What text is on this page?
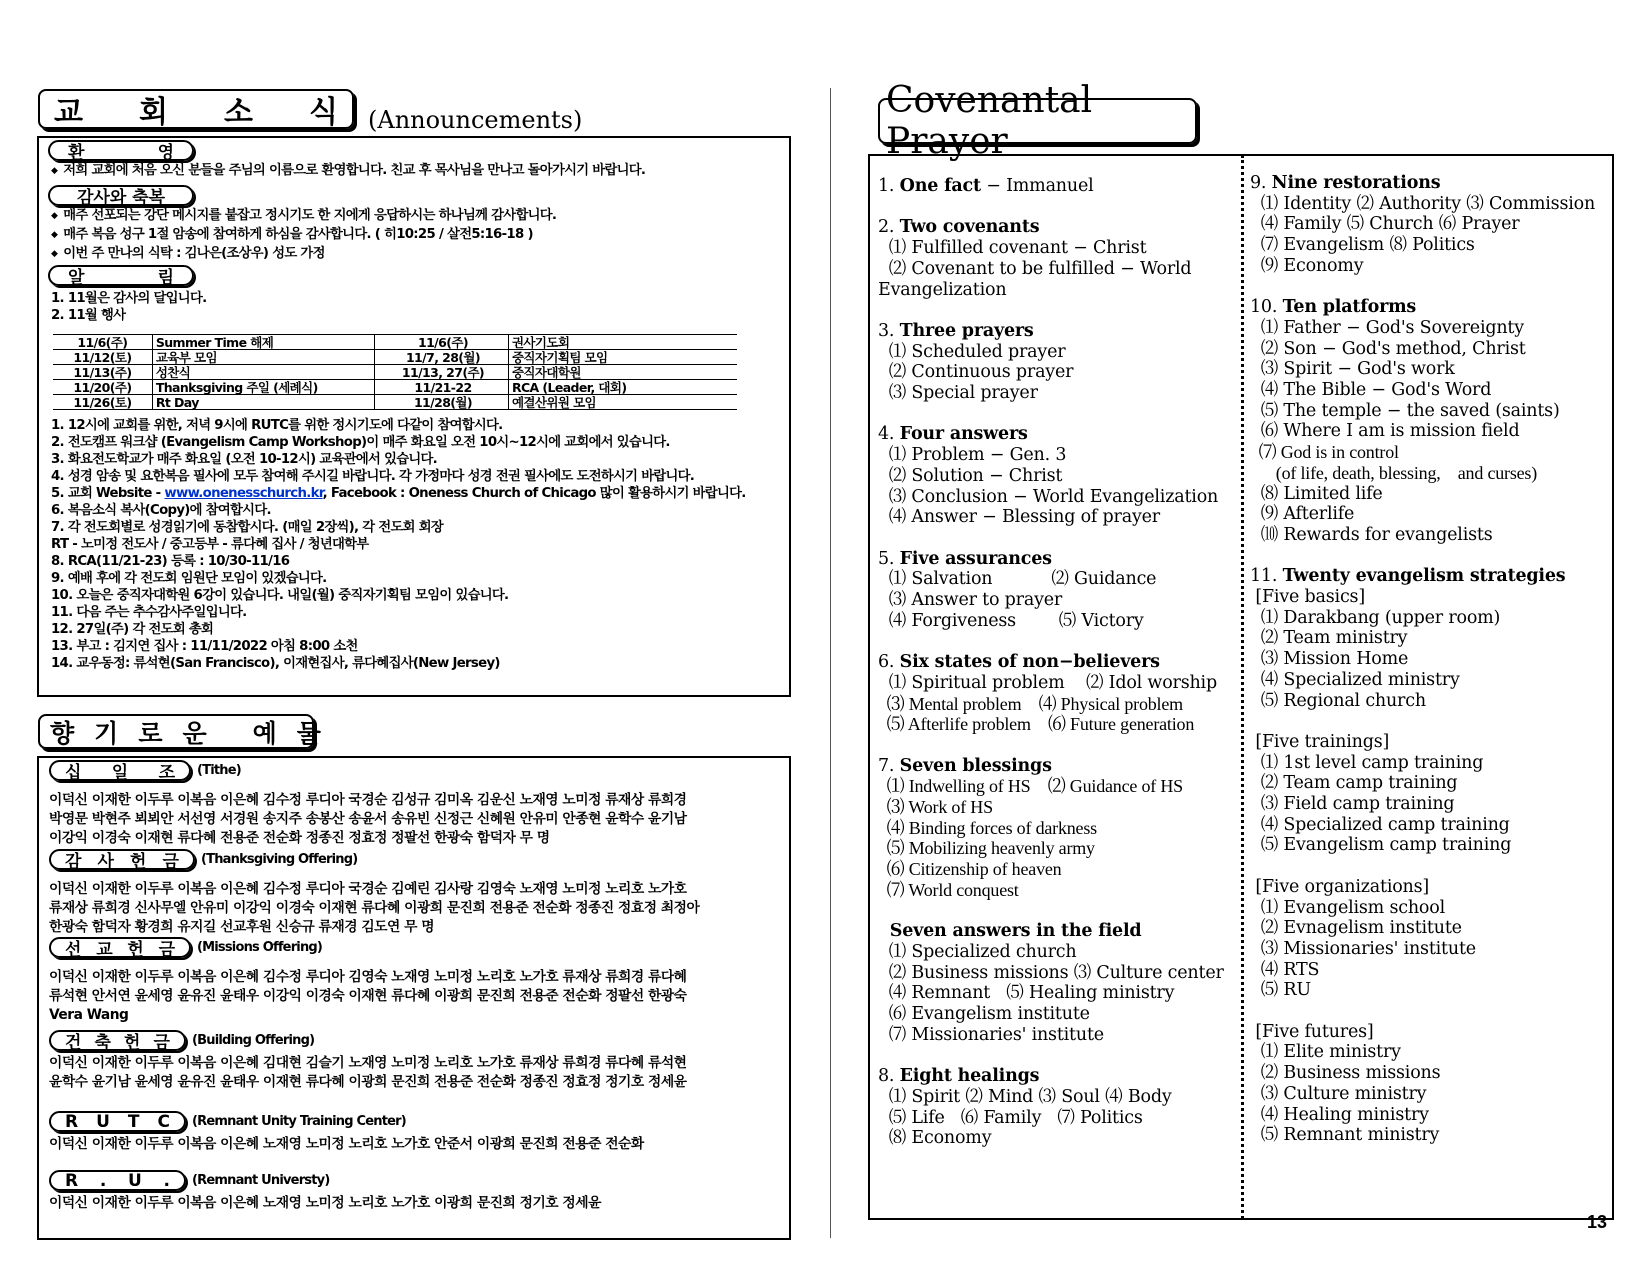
교 회 소 식 (Announcements)
환	영
◆ 저희 교회에 처음 오신 분들을 주님의 이름으로 환영합니다. 친교 후 목사님을 만나고 돌아가시기 바랍니다.
감사와 축복
◆ 매주 선포되는 강단 메시지를 붙잡고 정시기도 한 지에게 응답하시는 하나님께 감사합니다.
◆ 매주 복음 성구 1절 암송에 참여하게 하심을 감사합니다. ( 히10:25 / 살전5:16-18 )
◆ 이번 주 만나의 식탁 : 김나은(조상우) 성도 가정
알	림
1. 11월은 감사의 달입니다.
2. 11월 행사
1. 12시에 교회를 위한, 저녁 9시에 RUTC를 위한 정시기도에 다같이 참여합시다.
2. 전도캠프 워크샵 (Evangelism Camp Workshop)이 매주 화요일 오전 10시~12시에 교회에서 있습니다.
3. 화요전도학교가 매주 화요일 (오전 10-12시) 교육관에서 있습니다.
4. 성경 암송 및 요한복음 필사에 모두 참여해 주시길 바랍니다. 각 가정마다 성경 전권 필사에도 도전하시기 바랍니다.
5. 교회 Website - www.onenesschurch.kr, Facebook : Oneness Church of Chicago 많이 활용하시기 바랍니다.
6. 복음소식 복사(Copy)에 참여합시다.
7. 각 전도회별로 성경읽기에 동참합시다. (매일 2장씩), 각 전도회 회장
RT - 노미정 전도사 / 중고등부 - 류다혜 집사 / 청년대학부
8. RCA(11/21-23) 등록 : 10/30-11/16
9. 예배 후에 각 전도회 임원단 모임이 있겠습니다.
10. 오늘은 중직자대학원 6강이 있습니다. 내일(월) 중직자기획팀 모임이 있습니다.
11. 다음 주는 추수감사주일입니다.
12. 27일(주) 각 전도회 총회
13. 부고 : 김지연 집사 : 11/11/2022 아침 8:00 소천
14. 교우동정: 류석현(San Francisco), 이재현집사, 류다혜집사(New Jersey)
11/6(주)	Summer Time 해제	11/6(주)	권사기도회
11/12(토)	교육부 모임	11/7, 28(월)	중직자기획팀 모임
11/13(주)	성찬식	11/13, 27(주)	중직자대학원
11/20(주)	Thanksgiving 주일 (세례식)	11/21-22	RCA (Leader, 대회)
11/26(토)	Rt Day	11/28(월)	예결산위원 모임
향 기 로 운 예 물
십 일 조 (Tithe)
이덕신 이재한 이두루 이복음 이은혜 김수정 루디아 국경순 김성규 김미옥 김운신 노재영 노미정 류재상 류희경
박영문 박현주 뵈뵈안 서선영 서경원 송지주 송봉산 송윤서 송유빈 신정근 신혜원 안유미 안종현 윤학수 윤기남
이강익 이경숙 이재현 류다혜 전용준 전순화 정종진 정효정 정팔선 한광숙 함덕자 무 명
감 사 헌 금 (Thanksgiving Offering)
이덕신 이재한 이두루 이복음 이은혜 김수정 루디아 국경순 김예린 김사랑 김영숙 노재영 노미정 노리호 노가호
류재상 류희경 신사무엘 안유미 이강익 이경숙 이재현 류다혜 이광희 문진희 전용준 전순화 정종진 정효정 최정아
한광숙 함덕자 황경희 유지길 선교후원 신승규 류재경 김도연 무 명
선 교 헌 금 (Missions Offering)
이덕신 이재한 이두루 이복음 이은혜 김수정 루디아 김영숙 노재영 노미정 노리호 노가호 류재상 류희경 류다혜
류석현 안서연 윤세영 윤유진 윤태우 이강익 이경숙 이재현 류다혜 이광희 문진희 전용준 전순화 정팔선 한광숙
Vera Wang
건 축 헌 금 (Building Offering)
이덕신 이재한 이두루 이복음 이은혜 김대현 김슬기 노재영 노미정 노리호 노가호 류재상 류희경 류다혜 류석현
윤학수 윤기남 윤세영 윤유진 윤태우 이재현 류다혜 이광희 문진희 전용준 전순화 정종진 정효정 정기호 정세윤
R U T C (Remnant Unity Training Center)
이덕신 이재한 이두루 이복음 이은혜 노재영 노미정 노리호 노가호 안준서 이광희 문진희 전용준 전순화
R . U . (Remnant Universty)
이덕신 이재한 이두루 이복음 이은혜 노재영 노미정 노리호 노가호 이광희 문진희 정기호 정세윤
Covenantal Prayer
1. One fact − Immanuel
2. Two covenants
⑴ Fulfilled covenant − Christ
⑵ Covenant to be fulfilled − World
Evangelization
3. Three prayers
⑴ Scheduled prayer
⑵ Continuous prayer
⑶ Special prayer
4. Four answers
⑴ Problem − Gen. 3
⑵ Solution − Christ
⑶ Conclusion − World Evangelization
⑷ Answer − Blessing of prayer
5. Five assurances
⑴ Salvation           ⑵ Guidance
⑶ Answer to prayer
⑷ Forgiveness        ⑸ Victory
6. Six states of non−believers
⑴ Spiritual problem    ⑵ Idol worship
⑶ Mental problem    ⑷ Physical problem
⑸ Afterlife problem    ⑹ Future generation
7. Seven blessings
⑴ Indwelling of HS    ⑵ Guidance of HS
⑶ Work of HS
⑷ Binding forces of darkness
⑸ Mobilizing heavenly army
⑹ Citizenship of heaven
⑺ World conquest
Seven answers in the field
⑴ Specialized church
⑵ Business missions ⑶ Culture center
⑷ Remnant   ⑸ Healing ministry
⑹ Evangelism institute
⑺ Missionaries' institute
8. Eight healings
⑴ Spirit ⑵ Mind ⑶ Soul ⑷ Body
⑸ Life   ⑹ Family   ⑺ Politics
⑻ Economy
9. Nine restorations
⑴ Identity ⑵ Authority ⑶ Commission
⑷ Family ⑸ Church ⑹ Prayer
⑺ Evangelism ⑻ Politics
⑼ Economy
10. Ten platforms
⑴ Father − God's Sovereignty
⑵ Son − God's method, Christ
⑶ Spirit − God's work
⑷ The Bible − God's Word
⑸ The temple − the saved (saints)
⑹ Where I am is mission field
⑺ God is in control
(of life, death, blessing,    and curses)
⑻ Limited life
⑼ Afterlife
⑽ Rewards for evangelists
11. Twenty evangelism strategies
[Five basics]
⑴ Darakbang (upper room)
⑵ Team ministry
⑶ Mission Home
⑷ Specialized ministry
⑸ Regional church
[Five trainings]
⑴ 1st level camp training
⑵ Team camp training
⑶ Field camp training
⑷ Specialized camp training
⑸ Evangelism camp training
[Five organizations]
⑴ Evangelism school
⑵ Evnagelism institute
⑶ Missionaries' institute
⑷ RTS
⑸ RU
[Five futures]
⑴ Elite ministry
⑵ Business missions
⑶ Culture ministry
⑷ Healing ministry
⑸ Remnant ministry
13
